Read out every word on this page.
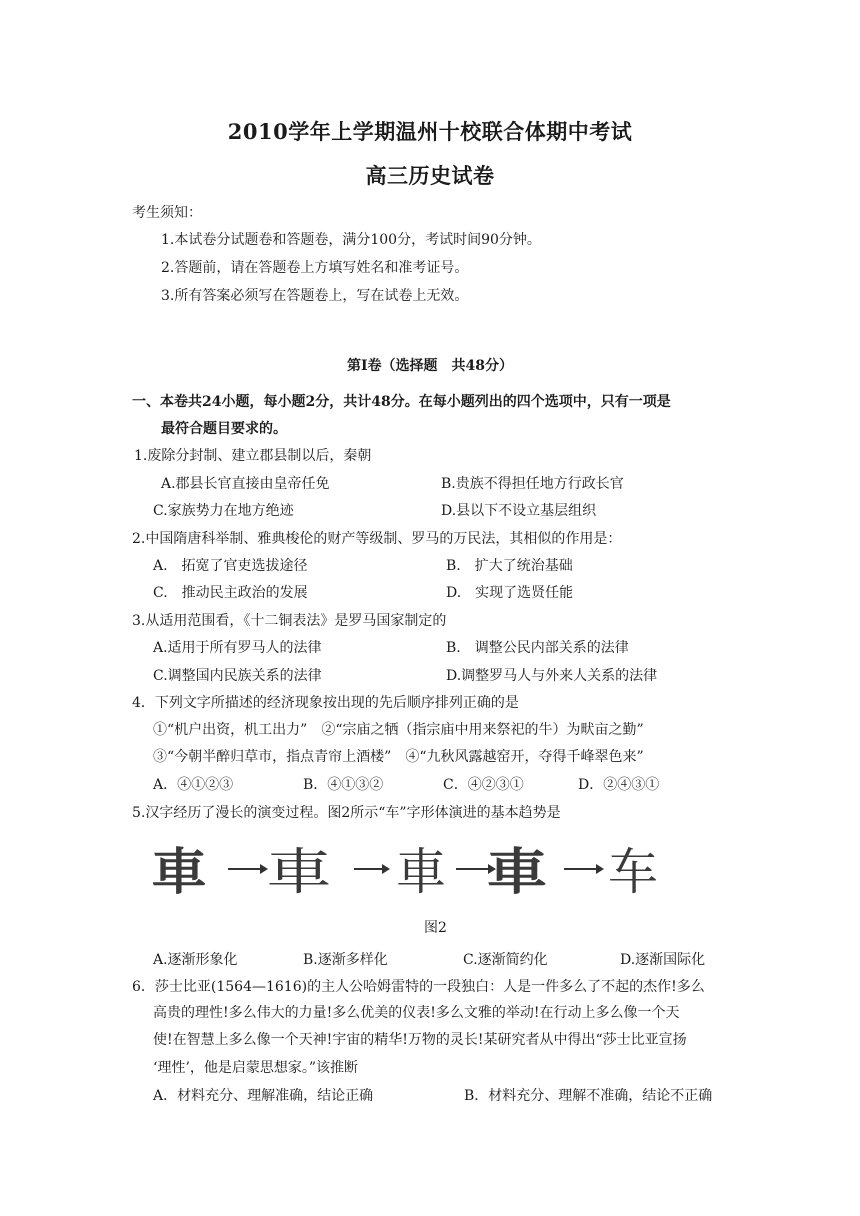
2010学年上学期温州十校联合体期中考试
高三历史试卷
考生须知：
1.本试卷分试题卷和答题卷，满分100分，考试时间90分钟。
2.答题前，请在答题卷上方填写姓名和准考证号。
3.所有答案必须写在答题卷上，写在试卷上无效。
第Ⅰ卷（选择题　共48分）
一、本卷共24小题，每小题2分，共计48分。在每小题列出的四个选项中，只有一项是
最符合题目要求的。
1.废除分封制、建立郡县制以后，秦朝
A.郡县长官直接由皇帝任免	B.贵族不得担任地方行政长官
C.家族势力在地方绝迹	D.县以下不设立基层组织
2.中国隋唐科举制、雅典梭伦的财产等级制、罗马的万民法，其相似的作用是：
A.　拓宽了官吏选拔途径	B.　扩大了统治基础
C.　推动民主政治的发展	D.　实现了选贤任能
3.从适用范围看，《十二铜表法》是罗马国家制定的
A.适用于所有罗马人的法律	B.　调整公民内部关系的法律
C.调整国内民族关系的法律	D.调整罗马人与外来人关系的法律
4．下列文字所描述的经济现象按出现的先后顺序排列正确的是
①“机户出资，机工出力”　②“宗庙之牺（指宗庙中用来祭祀的牛）为畎亩之勤”
③“今朝半醉归草市，指点青帘上酒楼”　④“九秋风露越窑开，夺得千峰翠色来”
A．④①②③	B．④①③②	C．④②③①	D．②④③①
5.汉字经历了漫长的演变过程。图2所示“车”字形体演进的基本趋势是
車 車 車 車 车
图2
A.逐渐形象化	B.逐渐多样化	C.逐渐简约化	D.逐渐国际化
6．莎士比亚(1564—1616)的主人公哈姆雷特的一段独白：人是一件多么了不起的杰作!多么
高贵的理性!多么伟大的力量!多么优美的仪表!多么文雅的举动!在行动上多么像一个天
使!在智慧上多么像一个天神!宇宙的精华!万物的灵长!某研究者从中得出“莎士比亚宣扬
‘理性’，他是启蒙思想家。”该推断
A．材料充分、理解准确，结论正确	B．材料充分、理解不准确，结论不正确
